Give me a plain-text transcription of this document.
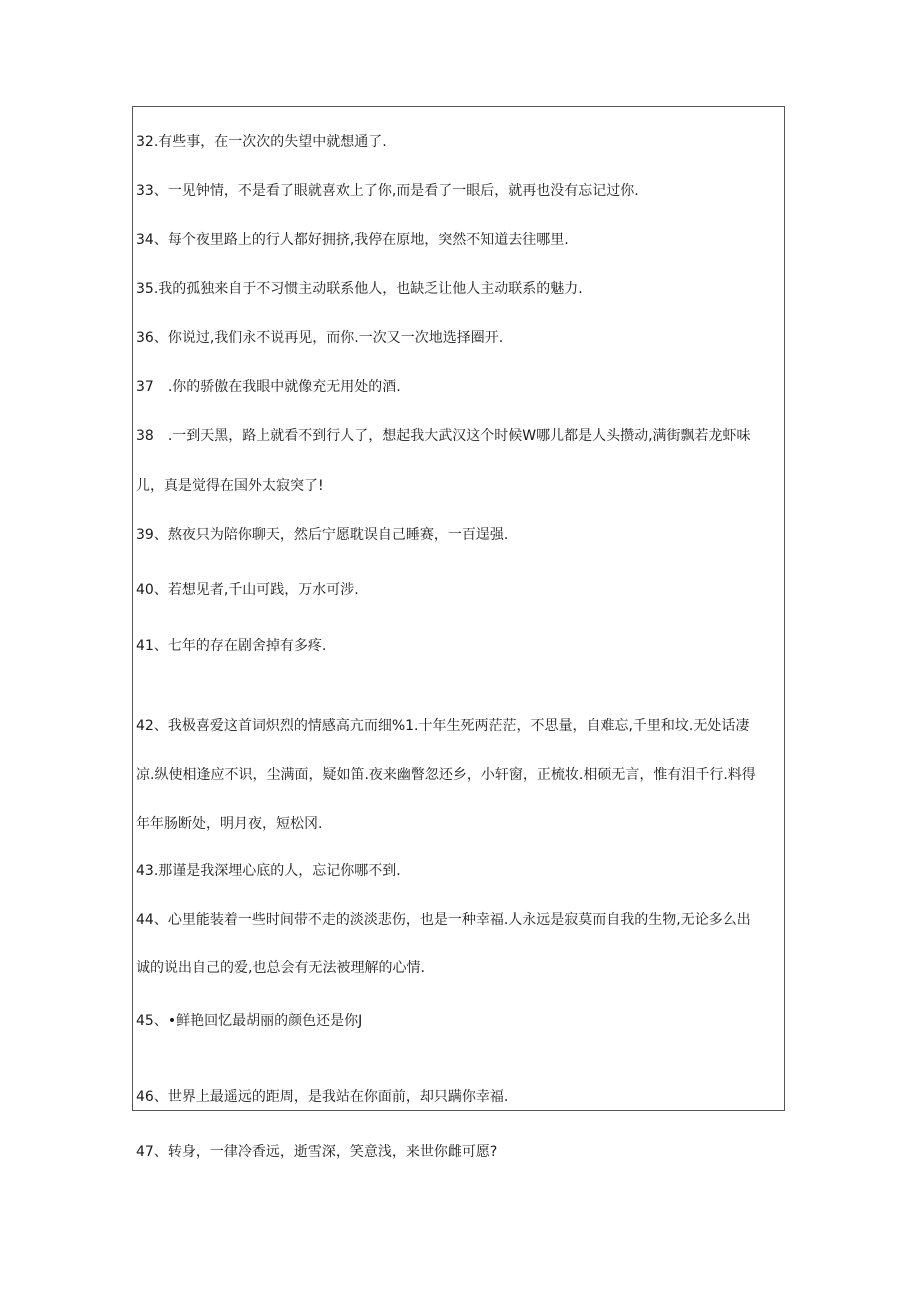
32.有些事，在一次次的失望中就想通了.
33、一见钟情，不是看了眼就喜欢上了你,而是看了一眼后，就再也没有忘记过你.
34、每个夜里路上的行人都好拥挤,我停在原地，突然不知道去往哪里.
35.我的孤独来自于不习惯主动联系他人，也缺乏让他人主动联系的魅力.
36、你说过,我们永不说再见，而你.一次又一次地选择圈开.
37　.你的骄傲在我眼中就像充无用处的酒.
38　.一到天黑，路上就看不到行人了，想起我大武汉这个时候W哪儿都是人头攒动,满街飘若龙虾味
儿，真是觉得在国外太寂突了!
39、熬夜只为陪你聊天，然后宁愿耽误自己睡赛，一百逞强.
40、若想见者,千山可践，万水可涉.
41、七年的存在剧舍掉有多疼.
42、我极喜爱这首词炽烈的情感高亢而细%1.十年生死两茫茫，不思量，自难忘,千里和坟.无处话凄
凉.纵使相逢应不识，尘满面，疑如笛.夜来幽瞥忽还乡，小轩窗，正梳妆.相硕无言，惟有泪千行.料得
年年肠断处，明月夜，短松冈.
43.那谨是我深埋心底的人，忘记你哪不到.
44、心里能装着一些时间带不走的淡淡悲伤，也是一种幸福.人永远是寂莫而自我的生物,无论多么出
诚的说出自己的爱,也总会有无法被理解的心情.
45、•鲜艳回忆最胡丽的颜色还是你J
46、世界上最遥远的距周，是我站在你面前，却只蹒你幸福.
47、转身，一律冷香远，逝雪深，笑意浅，来世你雌可愿?
